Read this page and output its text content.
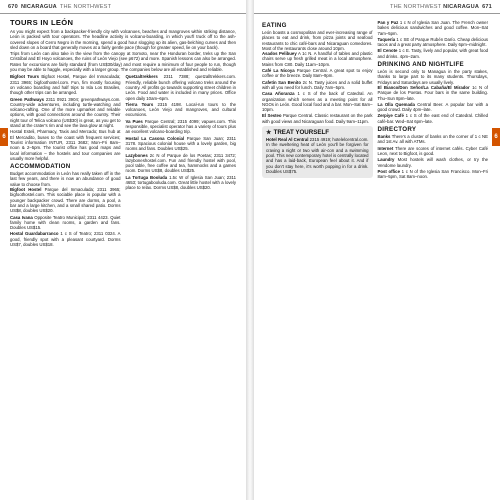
670 NICARAGUA THE NORTHWEST
6
TOURS IN LEÓN

As you might expect from a backpacker-friendly city with volcanoes, beaches and mangroves within striking distance, León is packed with tour operators. The headline activity is volcano-boarding, in which you'll truck off to the ash-covered slopes of Cerro Negro in the morning, spend a good hour slogging up its alien, gas-belching curves and then sled down on a board that generally moves at a fairly gentle pace (though for greater speed, lie on your back).

Trips from León can also take in the view from the canopy at Somoto, near the Honduran border, treks up the San Cristóbal and El Hoyo volcanoes, the ruins of León Viejo (see p672) and more. Spanish lessons can also be arranged. Rates for excursions are fairly standard (from US$30/day) and most require a minimum of four people to run, though you may be able to haggle, especially with a larger group. The companies below are all established and reliable.

Bigfoot Tours Bigfoot Hostel, Parque del Inmaculada; 2311 3965; bigfoothostel.com. Fun, fim mostly focusing on volcano boarding and half trips to Isla Los Brasiles, though other trips can be arranged.
Green Pathways 2311 0921 3904; greenpathways.com. Country-wide adventures, including turtle-watching and volcano-rafting. One of the more upmarket and reliable options, with good connections around the country. Their night tour of Telica volcano (US$30) is great, as you get to stand at the crater's rim and see the lava glow at night.

Hostal Esteli, Pharmacy, Taxis and Mercado; Bus hub at El Mercadito, buses to the coast with frequent services; Tourist information INTUR, 2311 3682; Mon–Fri 8am–noon & 2–5pm. The tourist office has good maps and local information – the hostels and tour companies are usually more helpful.

ACCOMMODATION

Budget accommodation in León has really taken off in the last few years, and there is now an abundance of good value to choose from.

Bigfoot Hostel Parque del Inmaculada; 2311 3965; bigfoothostel.com. This sociable place is popular with a younger backpacker crowd. There are dorms, a pool, a bar and a large kitchen, and a small shared patio. Dorms US$8, doubles US$20.
Casa Ivana Opposite Teatro Municipal; 2311 4423. Quiet family home with clean rooms, a garden and fans. Doubles US$15.
Hostal Guardabarranco 1 c S of Teatro; 2311 0324. A good, friendly spot with a pleasant courtyard. Dorms US$7, doubles US$18.
Quetzaltrekkers 2311 7388; quetzalltrekkers.com. Friendly, reliable bunch offering volcano treks around the country. All profits go towards supporting street children in León. Food and water is included in many prices. Office open daily 10am–6pm.
Tierra Tours 2315 4198. Local-run tours to the volcanoes, León Viejo and mangroves, and cultural excursions.
Va Pues Parque Central; 2315 4099; vapues.com. This responsible, specialist operator has a variety of tours plus an excellent volcano-boarding trip.
Hostal La Casona Colonial Parque San Juan; 2311 3178. Spacious colonial house with a lovely garden, big rooms and fans. Doubles US$25.
Lazybones 2c N of Parque de los Poetas; 2311 3472; lazyboneshostel.com. Fun and friendly hostel with pool, pool table, free coffee and tea, hammocks and a games room. Dorms US$8, doubles US$25.
La Tortuga Booluda 1.5c W of Iglesia San Juan; 2311 4653; tortugabooluda.com. Great little hostel with a lovely place to relax. Dorms US$8, doubles US$20.
THE NORTHWEST
NICARAGUA 671
6
EATING

León boasts a cosmopolitan and ever-increasing range of places to eat and drink, from pizza joints and seafood restaurants to chic café-bars and Nicaraguan comedores. Most of the restaurants close around 10pm.

Asados Pelibuey A 1c N. A handful of tables and plastic chairs serve up fresh grilled meat in a local atmosphere. Mains from C80. Daily 11am–10pm.
Café La Nicoya Parque Central. A great spot to enjoy coffee or the breeze. Daily 8am–9pm.
Cafetín San Benito 2c N. Tasty juices and a solid buffet with all you need for lunch. Daily 7am–5pm.
Casa Añoranza 1 c S of the back of Catedral. An organization which serves as a meeting point for all NGOs in León. Good local food and a bar. Mon–Sat 8am–10pm.
El Sesteo Parque Central. Classic restaurant on the park with good views and Nicaraguan food. Daily 9am–11pm.
★ TREAT YOURSELF
Hotel Real Al Central 2315 4919; hotelelcentral.com. In the sweltering heat of León you'll be forgiven for craving a night or two with air-con and a swimming pool. This new contemporary hotel is centrally located and has a laid-back, European feel about it. And if you don't stay here, it's worth popping in for a drink. Doubles US$75.
Pan y Paz 1 c N of Iglesia San Juan. The French owner bakes delicious sandwiches and good coffee. Mon–Sat 7am–5pm.
Taquería 1 c SE of Parque Rubén Darío. Cheap delicious tacos and a great party atmosphere. Daily 6pm–midnight.
El Cenote 1 c E. Tasty, lively and popular, with great food and drinks. 4pm–2am.
DRINKING AND NIGHTLIFE

León is second only to Managua in the party stakes, thanks to large part to its many students. Thursdays, Fridays and Saturdays are usually lively.

El Bianco/Don Señor/La Cabaña/El Mirador 1c N of Parque de los Poetas. Four bars in the same building. Thu–Sun 8pm–late.
La Olla Quemada Central Beer. A popular bar with a good crowd. Daily 4pm–late.
Zerpiye Café 1 c S of the east end of Catedral. Chilled café-bar. Wed–Sat 6pm–late.
DIRECTORY
Banks There's a cluster of banks on the corner of 1 c NE and 1st Av. all with ATMs.
Internet There are scores of internet cafés. Cyber Café Leon, next to Bigfoot, is good.
Laundry Most hostels will wash clothes, or try the Vendome laundry.
Post office 1 c N of the Iglesia San Francisco. Mon–Fri 8am–5pm, Sat 8am–noon.
